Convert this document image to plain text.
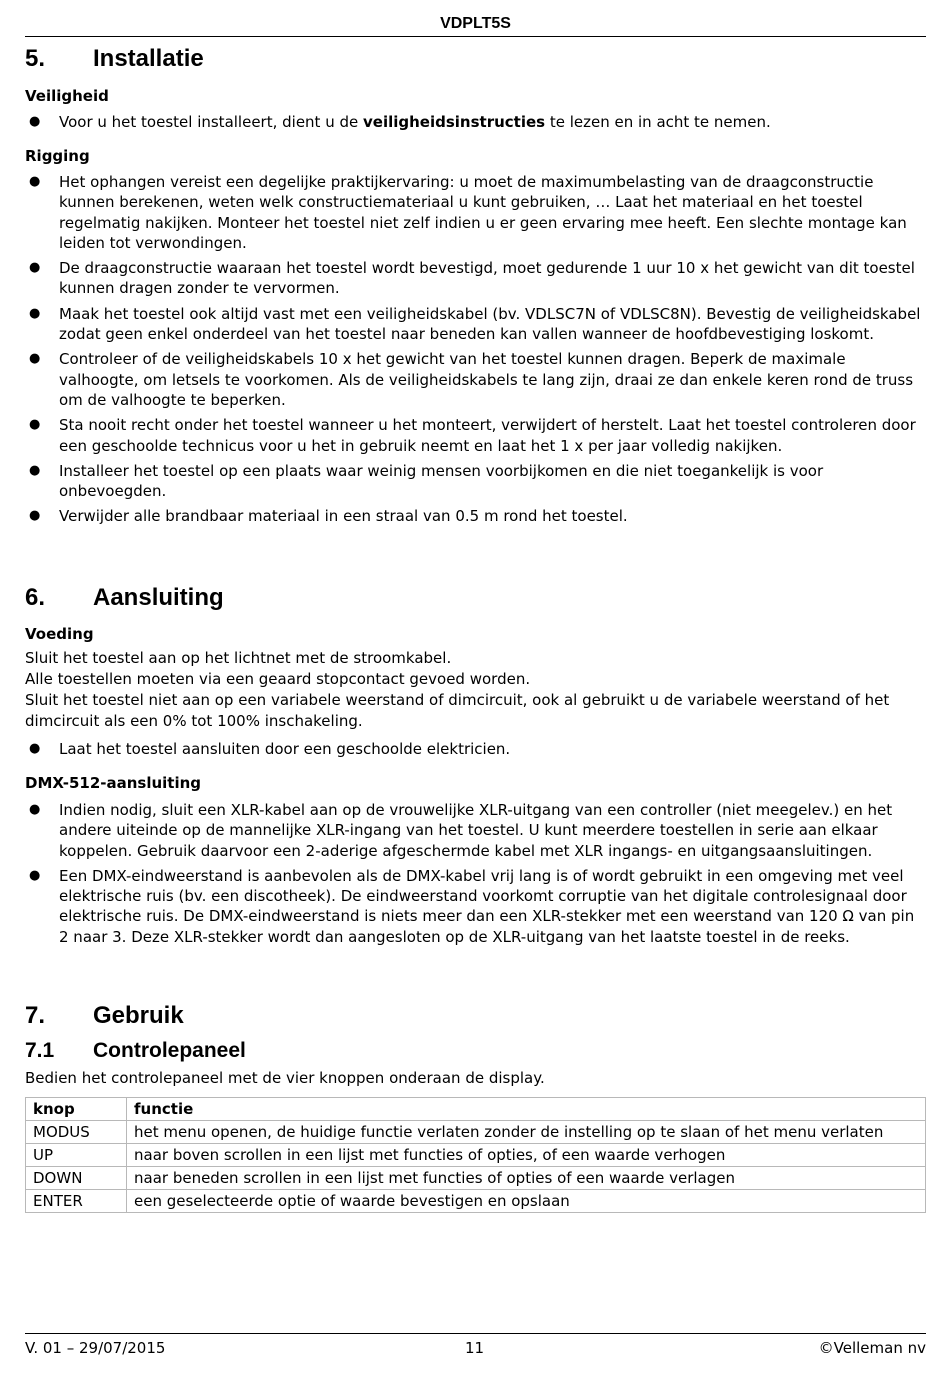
VDPLT5S
5. Installatie
Veiligheid
● Voor u het toestel installeert, dient u de veiligheidsinstructies te lezen en in acht te nemen.
Rigging
● Het ophangen vereist een degelijke praktijkervaring: u moet de maximumbelasting van de draagconstructie kunnen berekenen, weten welk constructiemateriaal u kunt gebruiken, … Laat het materiaal en het toestel regelmatig nakijken. Monteer het toestel niet zelf indien u er geen ervaring mee heeft. Een slechte montage kan leiden tot verwondingen.
● De draagconstructie waaraan het toestel wordt bevestigd, moet gedurende 1 uur 10 x het gewicht van dit toestel kunnen dragen zonder te vervormen.
● Maak het toestel ook altijd vast met een veiligheidskabel (bv. VDLSC7N of VDLSC8N). Bevestig de veiligheidskabel zodat geen enkel onderdeel van het toestel naar beneden kan vallen wanneer de hoofdbevestiging loskomt.
● Controleer of de veiligheidskabels 10 x het gewicht van het toestel kunnen dragen. Beperk de maximale valhoogte, om letsels te voorkomen. Als de veiligheidskabels te lang zijn, draai ze dan enkele keren rond de truss om de valhoogte te beperken.
● Sta nooit recht onder het toestel wanneer u het monteert, verwijdert of herstelt. Laat het toestel controleren door een geschoolde technicus voor u het in gebruik neemt en laat het 1 x per jaar volledig nakijken.
● Installeer het toestel op een plaats waar weinig mensen voorbijkomen en die niet toegankelijk is voor onbevoegden.
● Verwijder alle brandbaar materiaal in een straal van 0.5 m rond het toestel.
6. Aansluiting
Voeding
Sluit het toestel aan op het lichtnet met de stroomkabel.
Alle toestellen moeten via een geaard stopcontact gevoed worden.
Sluit het toestel niet aan op een variabele weerstand of dimcircuit, ook al gebruikt u de variabele weerstand of het dimcircuit als een 0% tot 100% inschakeling.
● Laat het toestel aansluiten door een geschoolde elektricien.
DMX-512-aansluiting
● Indien nodig, sluit een XLR-kabel aan op de vrouwelijke XLR-uitgang van een controller (niet meegelev.) en het andere uiteinde op de mannelijke XLR-ingang van het toestel. U kunt meerdere toestellen in serie aan elkaar koppelen. Gebruik daarvoor een 2-aderige afgeschermde kabel met XLR ingangs- en uitgangsaansluitingen.
● Een DMX-eindweerstand is aanbevolen als de DMX-kabel vrij lang is of wordt gebruikt in een omgeving met veel elektrische ruis (bv. een discotheek). De eindweerstand voorkomt corruptie van het digitale controlesignaal door elektrische ruis. De DMX-eindweerstand is niets meer dan een XLR-stekker met een weerstand van 120 Ω van pin 2 naar 3. Deze XLR-stekker wordt dan aangesloten op de XLR-uitgang van het laatste toestel in de reeks.
7. Gebruik
7.1 Controlepaneel
Bedien het controlepaneel met de vier knoppen onderaan de display.
knop	functie
MODUS	het menu openen, de huidige functie verlaten zonder de instelling op te slaan of het menu verlaten
UP	naar boven scrollen in een lijst met functies of opties, of een waarde verhogen
DOWN	naar beneden scrollen in een lijst met functies of opties of een waarde verlagen
ENTER	een geselecteerde optie of waarde bevestigen en opslaan
V. 01 – 29/07/2015	11	©Velleman nv
